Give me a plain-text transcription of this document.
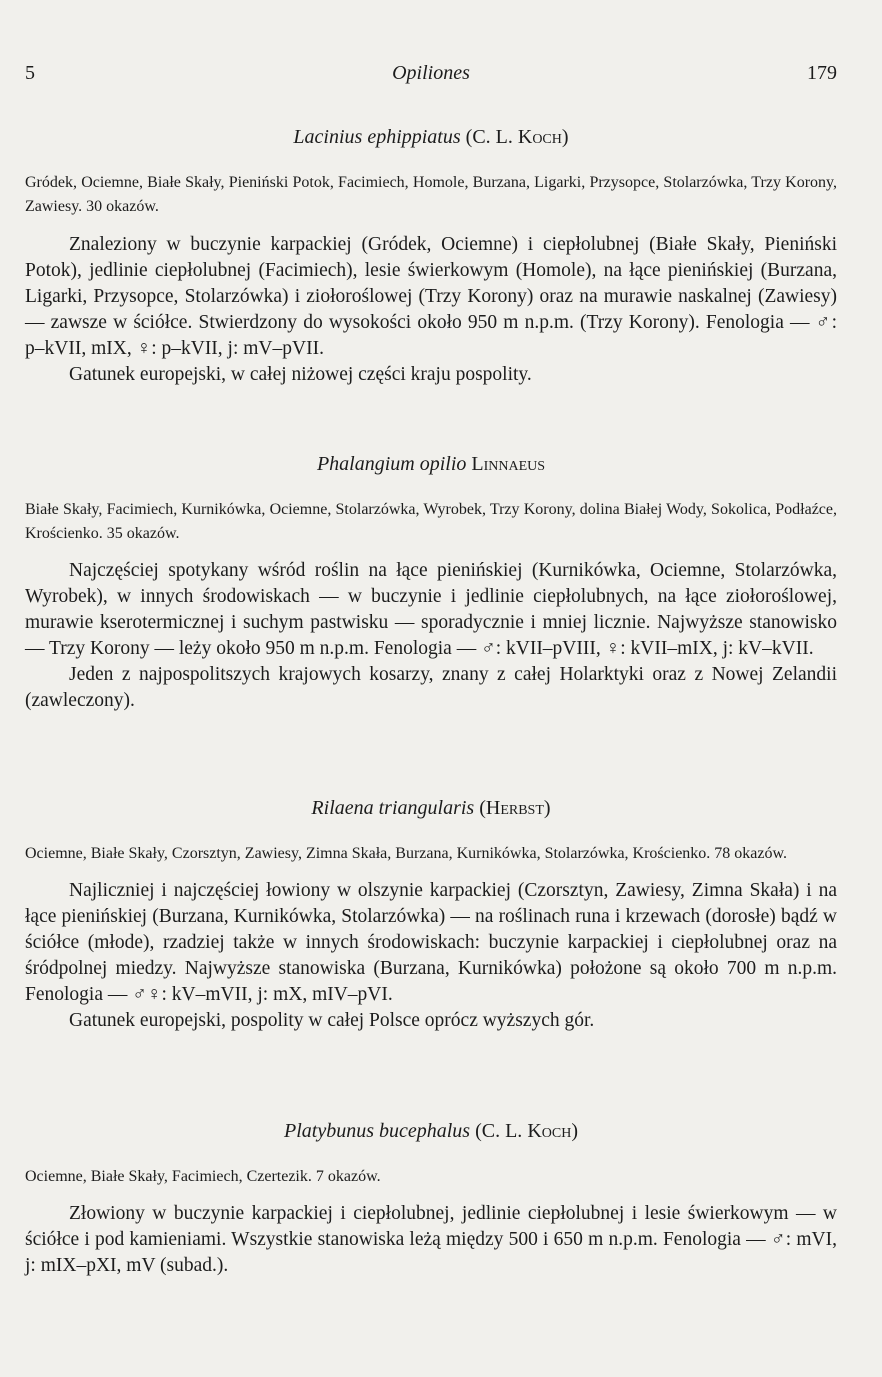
5	Opiliones	179

Lacinius ephippiatus (C. L. Koch)

Gródek, Ociemne, Białe Skały, Pieniński Potok, Facimiech, Homole, Burzana, Ligarki, Przysopce, Stolarzówka, Trzy Korony, Zawiesy. 30 okazów.

Znaleziony w buczynie karpackiej (Gródek, Ociemne) i ciepłolubnej (Białe Skały, Pieniński Potok), jedlinie ciepłolubnej (Facimiech), lesie świerkowym (Homole), na łące pienińskiej (Burzana, Ligarki, Przysopce, Stolarzówka) i ziołoroślowej (Trzy Korony) oraz na murawie naskalnej (Zawiesy) — zawsze w ściółce. Stwierdzony do wysokości około 950 m n.p.m. (Trzy Korony). Fenologia — ♂: p–kVII, mIX, ♀: p–kVII, j: mV–pVII.

Gatunek europejski, w całej niżowej części kraju pospolity.

Phalangium opilio Linnaeus

Białe Skały, Facimiech, Kurnikówka, Ociemne, Stolarzówka, Wyrobek, Trzy Korony, dolina Białej Wody, Sokolica, Podłaźce, Krościenko. 35 okazów.

Najczęściej spotykany wśród roślin na łące pienińskiej (Kurnikówka, Ociemne, Stolarzówka, Wyrobek), w innych środowiskach — w buczynie i jedlinie ciepłolubnych, na łące ziołoroślowej, murawie kserotermicznej i suchym pastwisku — sporadycznie i mniej licznie. Najwyższe stanowisko — Trzy Korony — leży około 950 m n.p.m. Fenologia — ♂: kVII–pVIII, ♀: kVII–mIX, j: kV–kVII.

Jeden z najpospolitszych krajowych kosarzy, znany z całej Holarktyki oraz z Nowej Zelandii (zawleczony).

Rilaena triangularis (Herbst)

Ociemne, Białe Skały, Czorsztyn, Zawiesy, Zimna Skała, Burzana, Kurnikówka, Stolarzówka, Krościenko. 78 okazów.

Najliczniej i najczęściej łowiony w olszynie karpackiej (Czorsztyn, Zawiesy, Zimna Skała) i na łące pienińskiej (Burzana, Kurnikówka, Stolarzówka) — na roślinach runa i krzewach (dorosłe) bądź w ściółce (młode), rzadziej także w innych środowiskach: buczynie karpackiej i ciepłolubnej oraz na śródpolnej miedzy. Najwyższe stanowiska (Burzana, Kurnikówka) położone są około 700 m n.p.m. Fenologia — ♂♀: kV–mVII, j: mX, mIV–pVI.

Gatunek europejski, pospolity w całej Polsce oprócz wyższych gór.

Platybunus bucephalus (C. L. Koch)

Ociemne, Białe Skały, Facimiech, Czertezik. 7 okazów.

Złowiony w buczynie karpackiej i ciepłolubnej, jedlinie ciepłolubnej i lesie świerkowym — w ściółce i pod kamieniami. Wszystkie stanowiska leżą między 500 i 650 m n.p.m. Fenologia — ♂: mVI, j: mIX–pXI, mV (subad.).
